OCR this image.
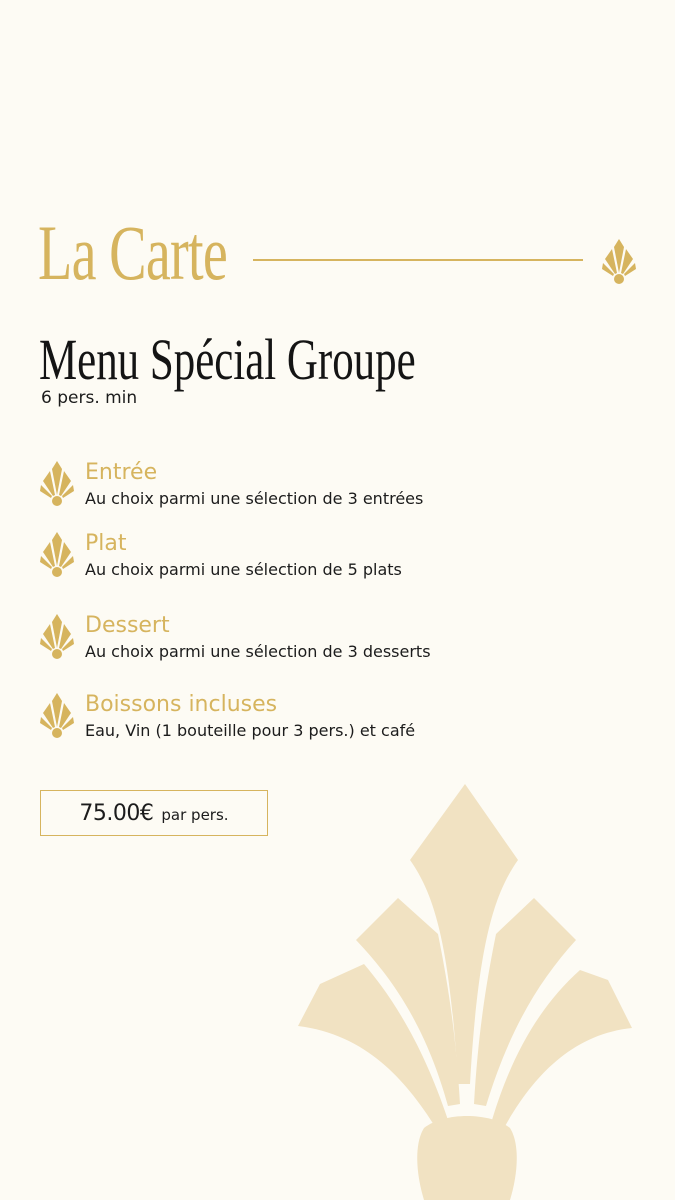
La Carte
Menu Spécial Groupe
6 pers. min
Entrée
Au choix parmi une sélection de 3 entrées
Plat
Au choix parmi une sélection de 5 plats
Dessert
Au choix parmi une sélection de 3 desserts
Boissons incluses
Eau, Vin (1 bouteille pour 3 pers.) et café
75.00€ par pers.
